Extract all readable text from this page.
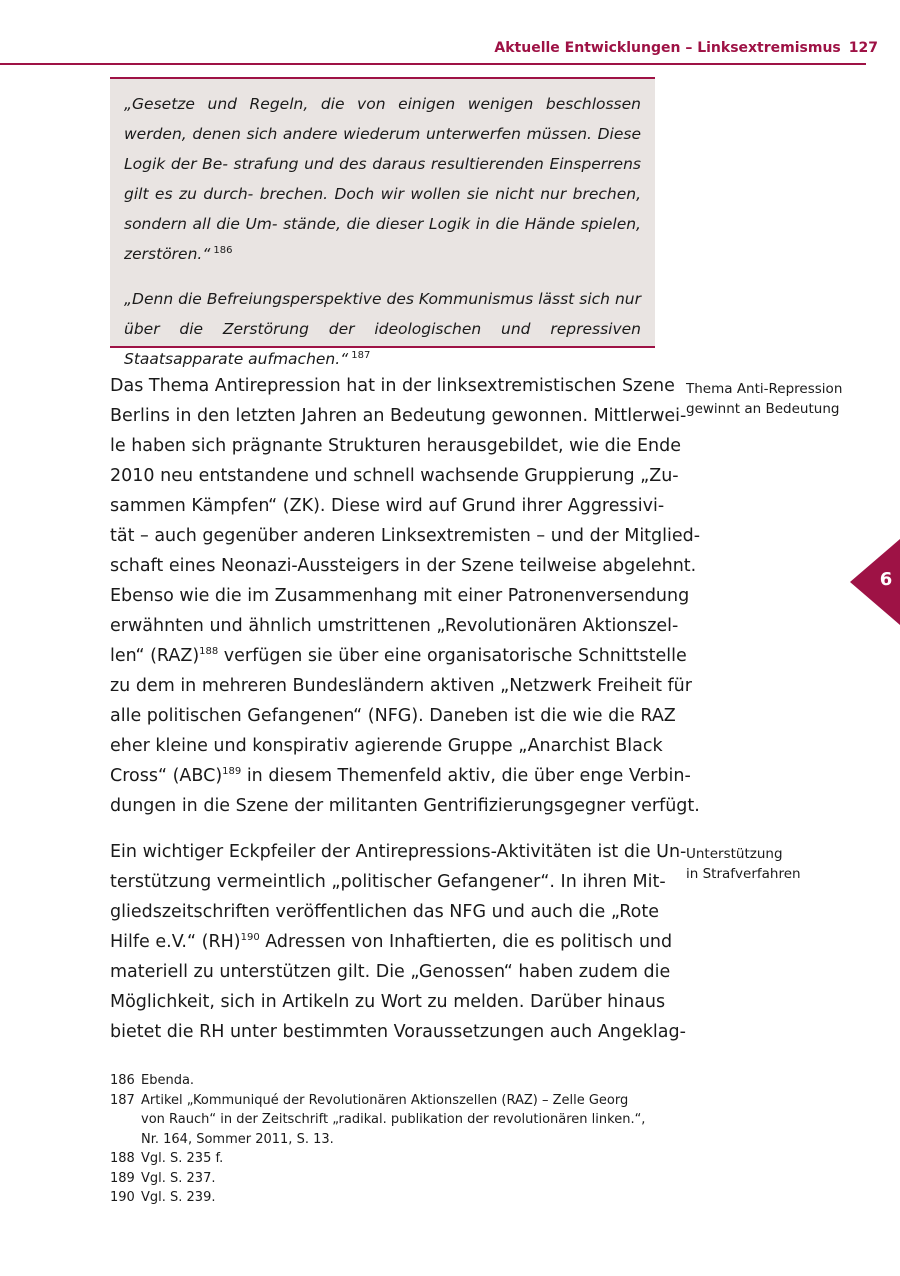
Aktuelle Entwicklungen – Linksextremismus 127

„Gesetze und Regeln, die von einigen wenigen beschlossen werden, denen sich andere wiederum unterwerfen müssen. Diese Logik der Be- strafung und des daraus resultierenden Einsperrens gilt es zu durch- brechen. Doch wir wollen sie nicht nur brechen, sondern all die Um- stände, die dieser Logik in die Hände spielen, zerstören.“ $^{186}$

„Denn die Befreiungsperspektive des Kommunismus lässt sich nur über die Zerstörung der ideologischen und repressiven Staatsapparate aufmachen.“ $^{187}$

Das Thema Antirepression hat in der linksextremistischen Szene
Berlins in den letzten Jahren an Bedeutung gewonnen. Mittlerwei-
le haben sich prägnante Strukturen herausgebildet, wie die Ende
2010 neu entstandene und schnell wachsende Gruppierung „Zu-
sammen Kämpfen“ (ZK). Diese wird auf Grund ihrer Aggressivi-
tät – auch gegenüber anderen Linksextremisten – und der Mitglied-
schaft eines Neonazi-Aussteigers in der Szene teilweise abgelehnt.
Ebenso wie die im Zusammenhang mit einer Patronenversendung
erwähnten und ähnlich umstrittenen „Revolutionären Aktionszel-
len“ (RAZ)$^{188}$ verfügen sie über eine organisatorische Schnittstelle
zu dem in mehreren Bundesländern aktiven „Netzwerk Freiheit für
alle politischen Gefangenen“ (NFG). Daneben ist die wie die RAZ
eher kleine und konspirativ agierende Gruppe „Anarchist Black
Cross“ (ABC)$^{189}$ in diesem Themenfeld aktiv, die über enge Verbin-
dungen in die Szene der militanten Gentrifizierungsgegner verfügt.
Ein wichtiger Eckpfeiler der Antirepressions-Aktivitäten ist die Un-
terstützung vermeintlich „politischer Gefangener“. In ihren Mit-
gliedszeitschriften veröffentlichen das NFG und auch die „Rote
Hilfe e.V.“ (RH)$^{190}$ Adressen von Inhaftierten, die es politisch und
materiell zu unterstützen gilt. Die „Genossen“ haben zudem die
Möglichkeit, sich in Artikeln zu Wort zu melden. Darüber hinaus
bietet die RH unter bestimmten Voraussetzungen auch Angeklag-
Thema Anti-Repression
gewinnt an Bedeutung
Unterstützung
in Strafverfahren
6
186 Ebenda.
187 Artikel „Kommuniqué der Revolutionären Aktionszellen (RAZ) – Zelle Georg
von Rauch“ in der Zeitschrift „radikal. publikation der revolutionären linken.“,
Nr. 164, Sommer 2011, S. 13.
188 Vgl. S. 235 f.
189 Vgl. S. 237.
190 Vgl. S. 239.
